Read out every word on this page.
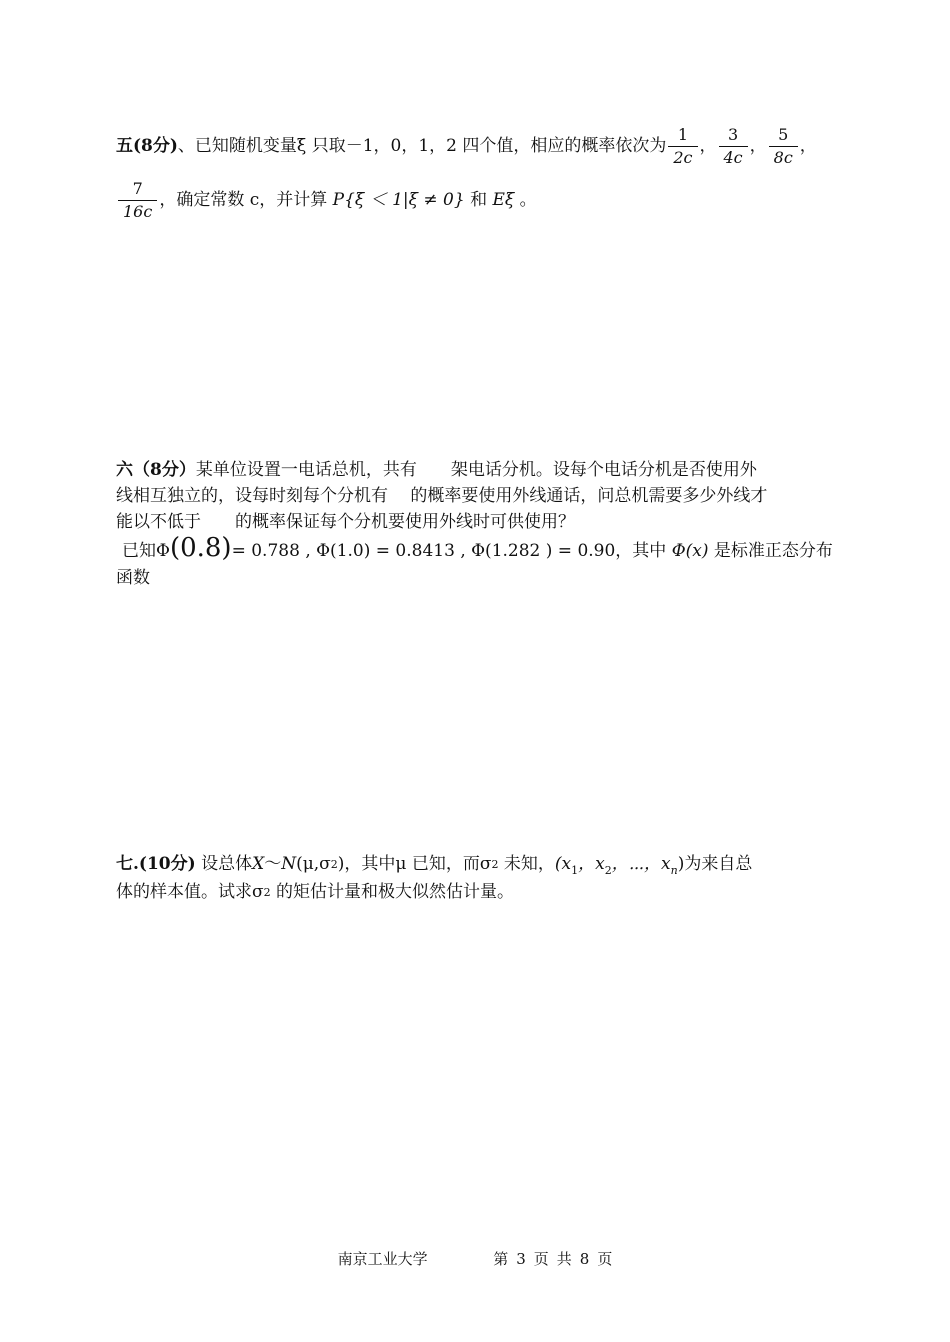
五(8分)、已知随机变量ξ 只取－1，0，1，2 四个值，相应的概率依次为 $\frac{1}{2c}$ ， $\frac{3}{4c}$ ， $\frac{5}{8c}$ ，
$\frac{7}{16c}$ ，确定常数 c，并计算 P{ξ ＜ 1|ξ ≠ 0} 和 Eξ 。
六（8分）某单位设置一电话总机，共有　　架电话分机。设每个电话分机是否使用外
线相互独立的，设每时刻每个分机有　 的概率要使用外线通话，问总机需要多少外线才
能以不低于　　的概率保证每个分机要使用外线时可供使用？
已知Φ(0.8)= 0.788 , Φ(1.0) = 0.8413 , Φ(1.282 ) = 0.90，其中 Φ(x) 是标准正态分布
函数
七.(10分) 设总体X～N(μ,σ2)，其中μ 已知，而σ2 未知，($x_1$，$x_2$，⋯，$x_n$)为来自总
体的样本值。试求σ2 的矩估计量和极大似然估计量。
南京工业大学	第 3 页 共 8 页
